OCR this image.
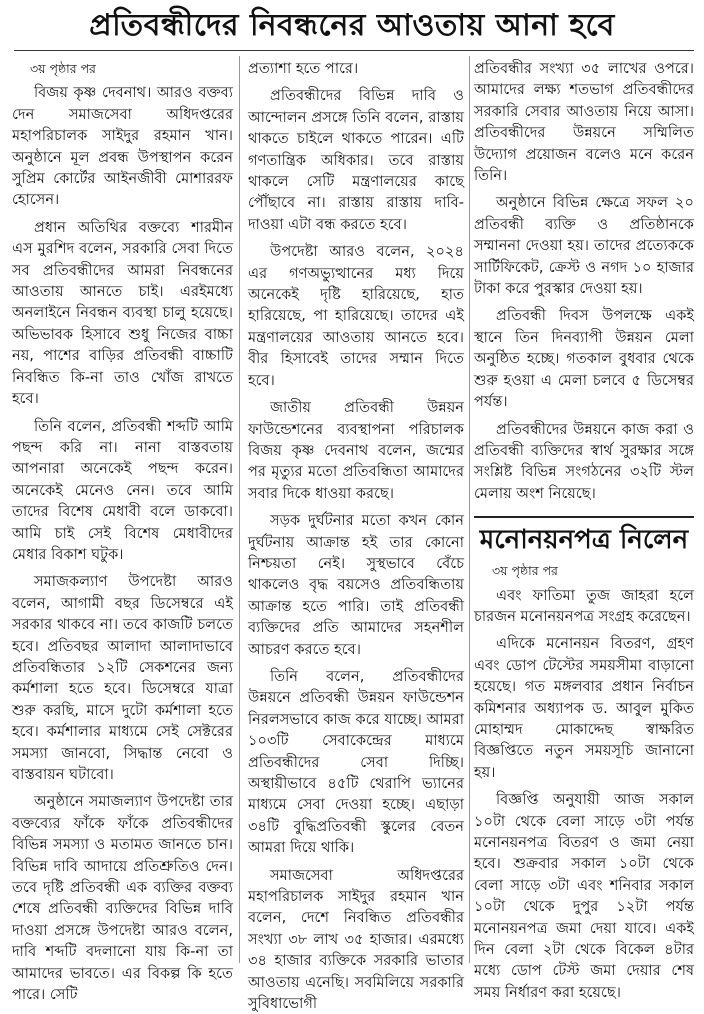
প্রতিবন্ধীদের নিবন্ধনের আওতায় আনা হবে
৩য় পৃষ্ঠার পর

বিজয় কৃষ্ণ দেবনাথ। আরও বক্তব্য দেন সমাজসেবা অধিদপ্তরের মহাপরিচালক সাইদুর রহমান খান। অনুষ্ঠানে মূল প্রবন্ধ উপস্থাপন করেন সুপ্রিম কোর্টের আইনজীবী মোশাররফ হোসেন।

প্রধান অতিথির বক্তব্যে শারমীন এস মুরশিদ বলেন, সরকারি সেবা দিতে সব প্রতিবন্ধীদের আমরা নিবন্ধনের আওতায় আনতে চাই। এরইমধ্যে অনলাইনে নিবন্ধন ব্যবস্থা চালু হয়েছে। অভিভাবক হিসাবে শুধু নিজের বাচ্চা নয়, পাশের বাড়ির প্রতিবন্ধী বাচ্চাটি নিবন্ধিত কি-না তাও খোঁজ রাখতে হবে।

তিনি বলেন, প্রতিবন্ধী শব্দটি আমি পছন্দ করি না। নানা বাস্তবতায় আপনারা অনেকেই পছন্দ করেন। অনেকেই মেনেও নেন। তবে আমি তাদের বিশেষ মেধাবী বলে ডাকবো। আমি চাই সেই বিশেষ মেধাবীদের মেধার বিকাশ ঘটুক।

সমাজকল্যাণ উপদেষ্টা আরও বলেন, আগামী বছর ডিসেম্বরে এই সরকার থাকবে না। তবে কাজটি চলতে হবে। প্রতিবছর আলাদা আলাদাভাবে প্রতিবন্ধিতার ১২টি সেকশনের জন্য কর্মশালা হতে হবে। ডিসেম্বরে যাত্রা শুরু করছি, মাসে দুটো কর্মশালা হতে হবে। কর্মশালার মাধ্যমে সেই সেক্টরের সমস্যা জানবো, সিদ্ধান্ত নেবো ও বাস্তবায়ন ঘটাবো।

অনুষ্ঠানে সমাজল্যাণ উপদেষ্টা তার বক্তব্যের ফাঁকে ফাঁকে প্রতিবন্ধীদের বিভিন্ন সমস্যা ও মতামত জানতে চান। বিভিন্ন দাবি আদায়ে প্রতিশ্রুতিও দেন। তবে দৃষ্টি প্রতিবন্ধী এক ব্যক্তির বক্তব্য শেষে প্রতিবন্ধী ব্যক্তিদের বিভিন্ন দাবি দাওয়া প্রসঙ্গে উপদেষ্টা আরও বলেন, দাবি শব্দটি বদলানো যায় কি-না তা আমাদের ভাবতে। এর বিকল্প কি হতে পারে। সেটি

প্রত্যাশা হতে পারে।

প্রতিবন্ধীদের বিভিন্ন দাবি ও আন্দোলন প্রসঙ্গে তিনি বলেন, রাস্তায় থাকতে চাইলে থাকতে পারেন। এটি গণতান্ত্রিক অধিকার। তবে রাস্তায় থাকলে সেটি মন্ত্রণালয়ের কাছে পৌঁছাবে না। রাস্তায় রাস্তায় দাবি-দাওয়া এটা বন্ধ করতে হবে।

উপদেষ্টা আরও বলেন, ২০২৪ এর গণঅভ্যুত্থানের মধ্য দিয়ে অনেকেই দৃষ্টি হারিয়েছে, হাত হারিয়েছে, পা হারিয়েছে। তাদের এই মন্ত্রণালয়ের আওতায় আনতে হবে। বীর হিসাবেই তাদের সম্মান দিতে হবে।

জাতীয় প্রতিবন্ধী উন্নয়ন ফাউন্ডেশনের ব্যবস্থাপনা পরিচালক বিজয় কৃষ্ণ দেবনাথ বলেন, জন্মের পর মৃত্যুর মতো প্রতিবন্ধিতা আমাদের সবার দিকে ধাওয়া করছে।

সড়ক দুর্ঘটনার মতো কখন কোন দুর্ঘটনায় আক্রান্ত হই তার কোনো নিশ্চয়তা নেই। সুস্থভাবে বেঁচে থাকলেও বৃদ্ধ বয়সেও প্রতিবন্ধিতায় আক্রান্ত হতে পারি। তাই প্রতিবন্ধী ব্যক্তিদের প্রতি আমাদের সহনশীল আচরণ করতে হবে।

তিনি বলেন, প্রতিবন্ধীদের উন্নয়নে প্রতিবন্ধী উন্নয়ন ফাউন্ডেশন নিরলসভাবে কাজ করে যাচ্ছে। আমরা ১০৩টি সেবাকেন্দ্রের মাধ্যমে প্রতিবন্ধীদের সেবা দিচ্ছি। অস্থায়ীভাবে ৪৫টি থেরাপি ভ্যানের মাধ্যমে সেবা দেওয়া হচ্ছে। এছাড়া ৩৪টি বুদ্ধিপ্রতিবন্ধী স্কুলের বেতন আমরা দিয়ে থাকি।

সমাজসেবা অধিদপ্তরের মহাপরিচালক সাইদুর রহমান খান বলেন, দেশে নিবন্ধিত প্রতিবন্ধীর সংখ্যা ৩৮ লাখ ৩৫ হাজার। এরমধ্যে ৩৪ হাজার ব্যক্তিকে সরকারি ভাতার আওতায় এনেছি। সবমিলিয়ে সরকারি সুবিধাভোগী

প্রতিবন্ধীর সংখ্যা ৩৫ লাখের ওপরে। আমাদের লক্ষ্য শতভাগ প্রতিবন্ধীদের সরকারি সেবার আওতায় নিয়ে আসা। প্রতিবন্ধীদের উন্নয়নে সম্মিলিত উদ্যোগ প্রয়োজন বলেও মনে করেন তিনি।

অনুষ্ঠানে বিভিন্ন ক্ষেত্রে সফল ২০ প্রতিবন্ধী ব্যক্তি ও প্রতিষ্ঠানকে সম্মাননা দেওয়া হয়। তাদের প্রত্যেককে সার্টিফিকেট, ক্রেস্ট ও নগদ ১০ হাজার টাকা করে পুরস্কার দেওয়া হয়।

প্রতিবন্ধী দিবস উপলক্ষে একই স্থানে তিন দিনব্যাপী উন্নয়ন মেলা অনুষ্ঠিত হচ্ছে। গতকাল বুধবার থেকে শুরু হওয়া এ মেলা চলবে ৫ ডিসেম্বর পর্যন্ত।

প্রতিবন্ধীদের উন্নয়নে কাজ করা ও প্রতিবন্ধী ব্যক্তিদের স্বার্থ সুরক্ষার সঙ্গে সংশ্লিষ্ট বিভিন্ন সংগঠনের ৩২টি স্টল মেলায় অংশ নিয়েছে।

মনোনয়নপত্র নিলেন
৩য় পৃষ্ঠার পর

এবং ফাতিমা তুজ জাহরা হলে চারজন মনোনয়নপত্র সংগ্রহ করেছেন।

এদিকে মনোনয়ন বিতরণ, গ্রহণ এবং ডোপ টেস্টের সময়সীমা বাড়ানো হয়েছে। গত মঙ্গলবার প্রধান নির্বাচন কমিশনার অধ্যাপক ড. আবুল মুকিত মোহাম্মদ মোকাদ্দেছ স্বাক্ষরিত বিজ্ঞপ্তিতে নতুন সময়সূচি জানানো হয়।

বিজ্ঞপ্তি অনুযায়ী আজ সকাল ১০টা থেকে বেলা সাড়ে ৩টা পর্যন্ত মনোনয়নপত্র বিতরণ ও জমা নেয়া হবে। শুক্রবার সকাল ১০টা থেকে বেলা সাড়ে ৩টা এবং শনিবার সকাল ১০টা থেকে দুপুর ১২টা পর্যন্ত মনোনয়নপত্র জমা দেয়া যাবে। একই দিন বেলা ২টা থেকে বিকেল ৪টার মধ্যে ডোপ টেস্ট জমা দেয়ার শেষ সময় নির্ধারণ করা হয়েছে।
